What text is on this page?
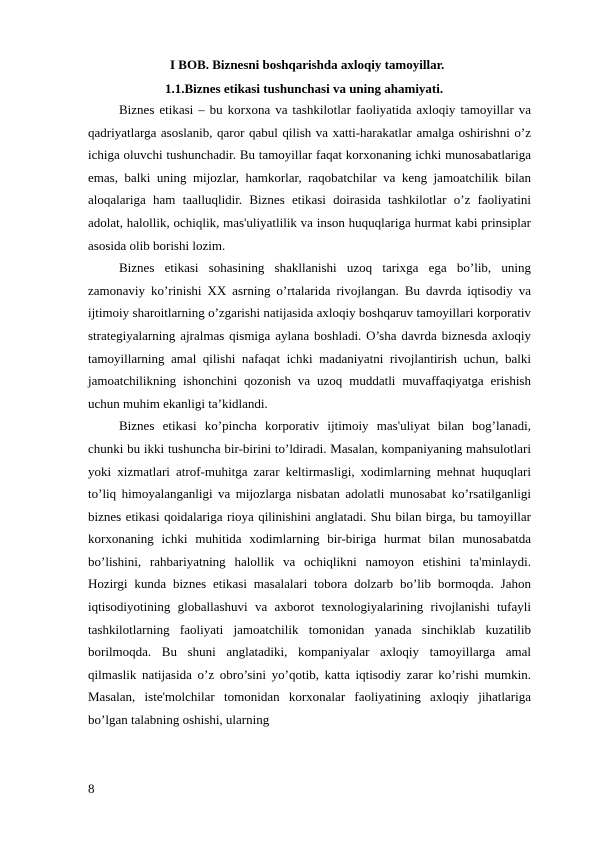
I BOB. Biznesni boshqarishda axloqiy tamoyillar.
1.1.Biznes etikasi tushunchasi va uning ahamiyati.

Biznes etikasi – bu korxona va tashkilotlar faoliyatida axloqiy tamoyillar va qadriyatlarga asoslanib, qaror qabul qilish va xatti-harakatlar amalga oshirishni o’z ichiga oluvchi tushunchadir. Bu tamoyillar faqat korxonaning ichki munosabatlariga emas, balki uning mijozlar, hamkorlar, raqobatchilar va keng jamoatchilik bilan aloqalariga ham taalluqlidir. Biznes etikasi doirasida tashkilotlar o’z faoliyatini adolat, halollik, ochiqlik, mas'uliyatlilik va inson huquqlariga hurmat kabi prinsiplar asosida olib borishi lozim.

Biznes etikasi sohasining shakllanishi uzoq tarixga ega bo’lib, uning zamonaviy ko’rinishi XX asrning o’rtalarida rivojlangan. Bu davrda iqtisodiy va ijtimoiy sharoitlarning o’zgarishi natijasida axloqiy boshqaruv tamoyillari korporativ strategiyalarning ajralmas qismiga aylana boshladi. O’sha davrda biznesda axloqiy tamoyillarning amal qilishi nafaqat ichki madaniyatni rivojlantirish uchun, balki jamoatchilikning ishonchini qozonish va uzoq muddatli muvaffaqiyatga erishish uchun muhim ekanligi ta’kidlandi.

Biznes etikasi ko’pincha korporativ ijtimoiy mas'uliyat bilan bog’lanadi, chunki bu ikki tushuncha bir-birini to’ldiradi. Masalan, kompaniyaning mahsulotlari yoki xizmatlari atrof-muhitga zarar keltirmasligi, xodimlarning mehnat huquqlari to’liq himoyalanganligi va mijozlarga nisbatan adolatli munosabat ko’rsatilganligi biznes etikasi qoidalariga rioya qilinishini anglatadi. Shu bilan birga, bu tamoyillar korxonaning ichki muhitida xodimlarning bir-biriga hurmat bilan munosabatda bo’lishini, rahbariyatning halollik va ochiqlikni namoyon etishini ta'minlaydi. Hozirgi kunda biznes etikasi masalalari tobora dolzarb bo’lib bormoqda. Jahon iqtisodiyotining globallashuvi va axborot texnologiyalarining rivojlanishi tufayli tashkilotlarning faoliyati jamoatchilik tomonidan yanada sinchiklab kuzatilib borilmoqda. Bu shuni anglatadiki, kompaniyalar axloqiy tamoyillarga amal qilmaslik natijasida o’z obro’sini yo’qotib, katta iqtisodiy zarar ko’rishi mumkin. Masalan, iste'molchilar tomonidan korxonalar faoliyatining axloqiy jihatlariga bo’lgan talabning oshishi, ularning

8
